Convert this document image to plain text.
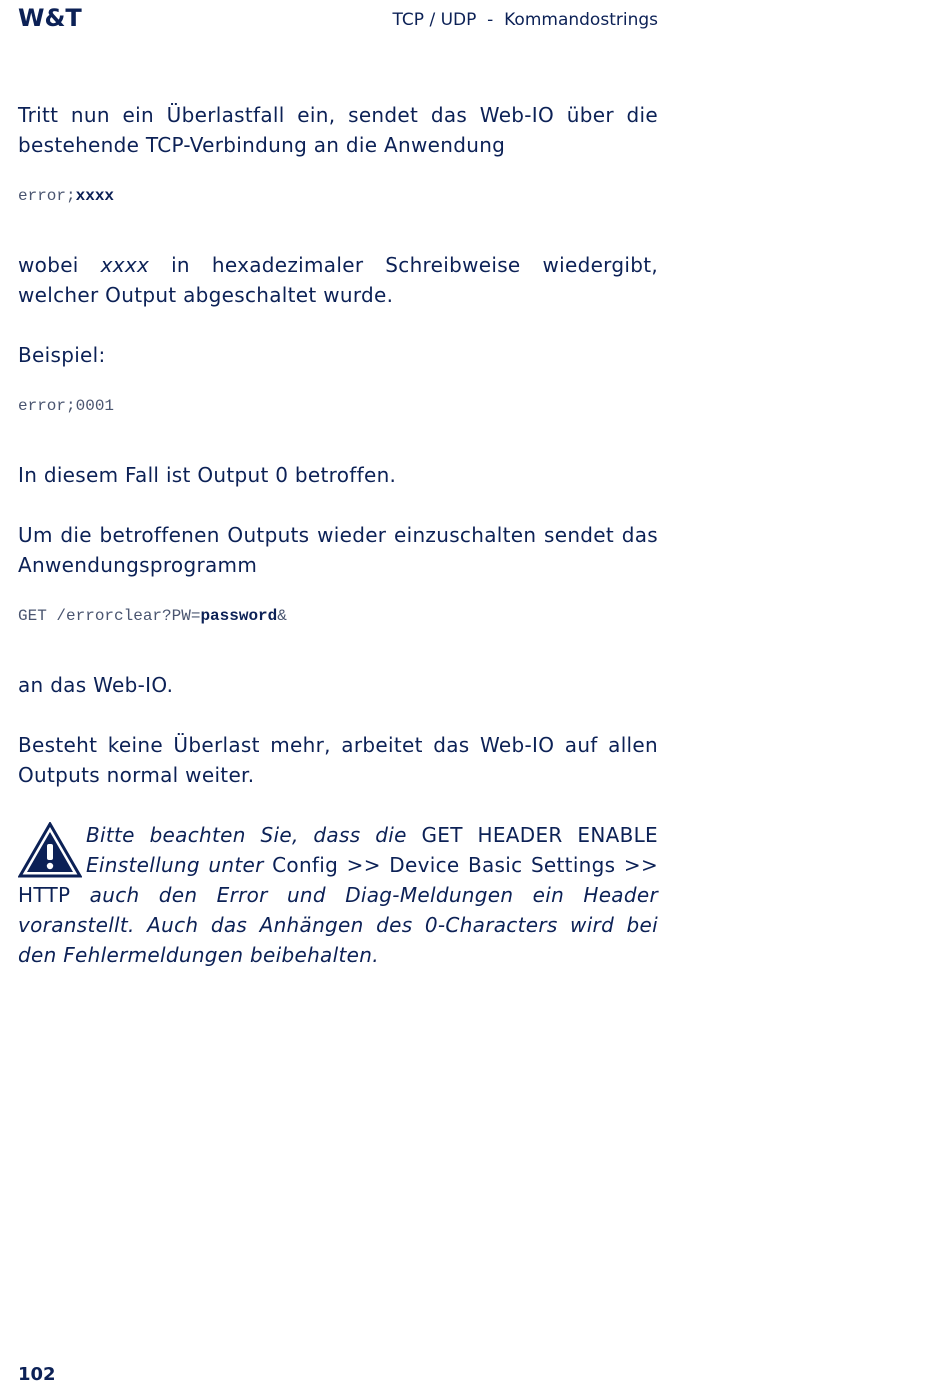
W&T	TCP / UDP  -  Kommandostrings

Tritt nun ein Überlastfall ein, sendet das Web-IO über die bestehende TCP-Verbindung an die Anwendung

error;xxxx

wobei xxxx in hexadezimaler Schreibweise wiedergibt, welcher Output abgeschaltet wurde.

Beispiel:

error;0001

In diesem Fall ist Output 0 betroffen.

Um die betroffenen Outputs wieder einzuschalten sendet das Anwendungsprogramm

GET /errorclear?PW=password&

an das Web-IO.

Besteht keine Überlast mehr, arbeitet das Web-IO auf allen Outputs normal weiter.

Bitte beachten Sie, dass die GET HEADER ENABLE Einstellung unter Config >> Device Basic Settings >> HTTP auch den Error und Diag-Meldungen ein Header voranstellt. Auch das Anhängen des 0-Characters wird bei den Fehlermeldungen beibehalten.
102
